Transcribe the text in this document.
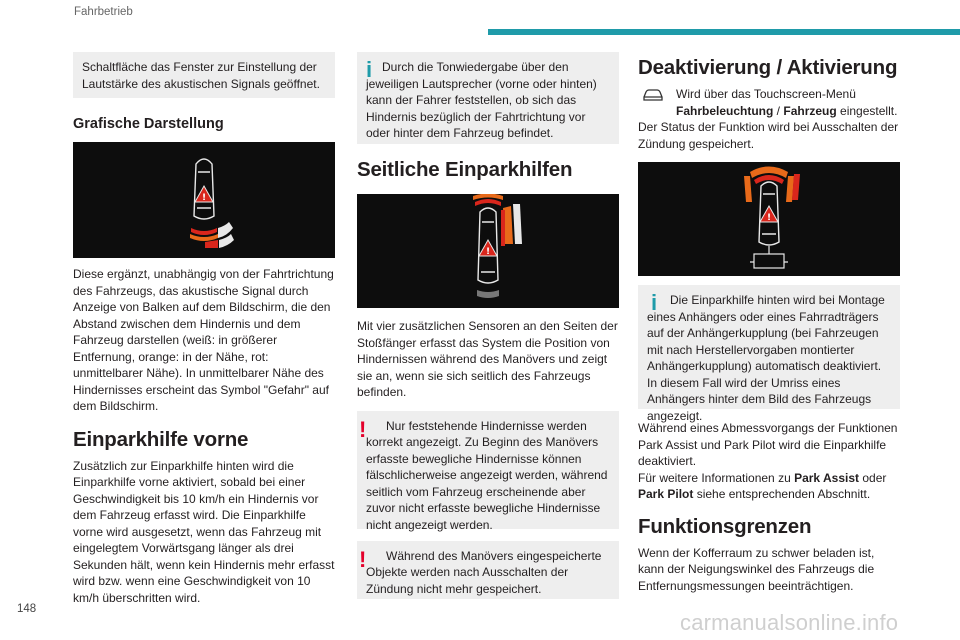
Fahrbetrieb

Schaltfläche das Fenster zur Einstellung der Lautstärke des akustischen Signals geöffnet.

Grafische Darstellung
!

Diese ergänzt, unabhängig von der Fahrtrichtung des Fahrzeugs, das akustische Signal durch Anzeige von Balken auf dem Bildschirm, die den Abstand zwischen dem Hindernis und dem Fahrzeug darstellen (weiß: in größerer Entfernung, orange: in der Nähe, rot: unmittelbarer Nähe). In unmittelbarer Nähe des Hindernisses erscheint das Symbol "Gefahr" auf dem Bildschirm.

Einparkhilfe vorne

Zusätzlich zur Einparkhilfe hinten wird die Einparkhilfe vorne aktiviert, sobald bei einer Geschwindigkeit bis 10 km/h ein Hindernis vor dem Fahrzeug erfasst wird. Die Einparkhilfe vorne wird ausgesetzt, wenn das Fahrzeug mit eingelegtem Vorwärtsgang länger als drei Sekunden hält, wenn kein Hindernis mehr erfasst wird bzw. wenn eine Geschwindigkeit von 10 km/h überschritten wird.

i Durch die Tonwiedergabe über den jeweiligen Lautsprecher (vorne oder hinten) kann der Fahrer feststellen, ob sich das Hindernis bezüglich der Fahrtrichtung vor oder hinter dem Fahrzeug befindet.

Seitliche Einparkhilfen
!

Mit vier zusätzlichen Sensoren an den Seiten der Stoßfänger erfasst das System die Position von Hindernissen während des Manövers und zeigt sie an, wenn sie sich seitlich des Fahrzeugs befinden.

!	Nur feststehende Hindernisse werden korrekt angezeigt. Zu Beginn des Manövers erfasste bewegliche Hindernisse können fälschlicherweise angezeigt werden, während seitlich vom Fahrzeug erscheinende aber zuvor nicht erfasste bewegliche Hindernisse nicht angezeigt werden.

!	Während des Manövers eingespeicherte Objekte werden nach Ausschalten der Zündung nicht mehr gespeichert.

Deaktivierung / Aktivierung

Wird über das Touchscreen-Menü
Fahrbeleuchtung / Fahrzeug eingestellt.

Der Status der Funktion wird bei Ausschalten der Zündung gespeichert.

!
i	Die Einparkhilfe hinten wird bei Montage eines Anhängers oder eines Fahrradträgers auf der Anhängerkupplung (bei Fahrzeugen mit nach Herstellervorgaben montierter Anhängerkupplung) automatisch deaktiviert. In diesem Fall wird der Umriss eines Anhängers hinter dem Bild des Fahrzeugs angezeigt.

Während eines Abmessvorgangs der Funktionen Park Assist und Park Pilot wird die Einparkhilfe deaktiviert.

Für weitere Informationen zu Park Assist oder
Park Pilot siehe entsprechenden Abschnitt.

Funktionsgrenzen

Wenn der Kofferraum zu schwer beladen ist, kann der Neigungswinkel des Fahrzeugs die Entfernungsmessungen beeinträchtigen.

148
carmanualsonline.info
